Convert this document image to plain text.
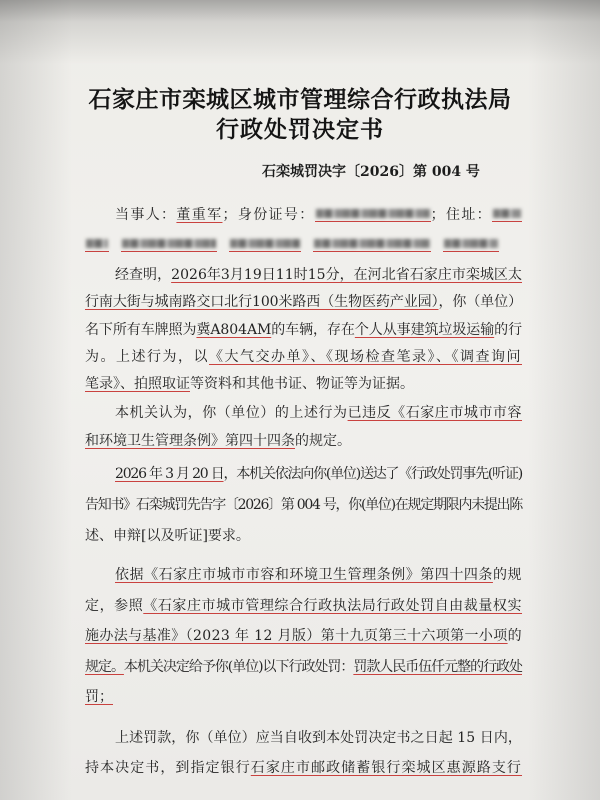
石家庄市栾城区城市管理综合行政执法局
行政处罚决定书
石栾城罚决字〔2026〕第 004 号
当事人：董重军；身份证号：	；住址：
经查明，2026年3月19日11时15分，在河北省石家庄市栾城区太
行南大街与城南路交口北行100米路西（生物医药产业园），你（单位）
名下所有车牌照为冀A804AM的车辆，存在个人从事建筑垃圾运输的行
为。上述行为，以《大气交办单》、《现场检查笔录》、《调查询问
笔录》、拍照取证等资料和其他书证、物证等为证据。
本机关认为，你（单位）的上述行为已违反《石家庄市城市市容
和环境卫生管理条例》第四十四条的规定。
2026 年 3 月 20 日，本机关依法向你(单位)送达了《行政处罚事先(听证)
告知书》石栾城罚先告字〔2026〕第 004 号，你(单位)在规定期限内未提出陈
述、申辩[以及听证]要求。
依据《石家庄市城市市容和环境卫生管理条例》第四十四条的规
定，参照《石家庄市城市管理综合行政执法局行政处罚自由裁量权实
施办法与基准》（2023 年 12 月版）第十九页第三十六项第一小项的
规定。本机关决定给予你(单位)以下行政处罚：罚款人民币伍仟元整的行政处
罚；
上述罚款，你（单位）应当自收到本处罚决定书之日起 15 日内，
持本决定书，到指定银行石家庄市邮政储蓄银行栾城区惠源路支行
